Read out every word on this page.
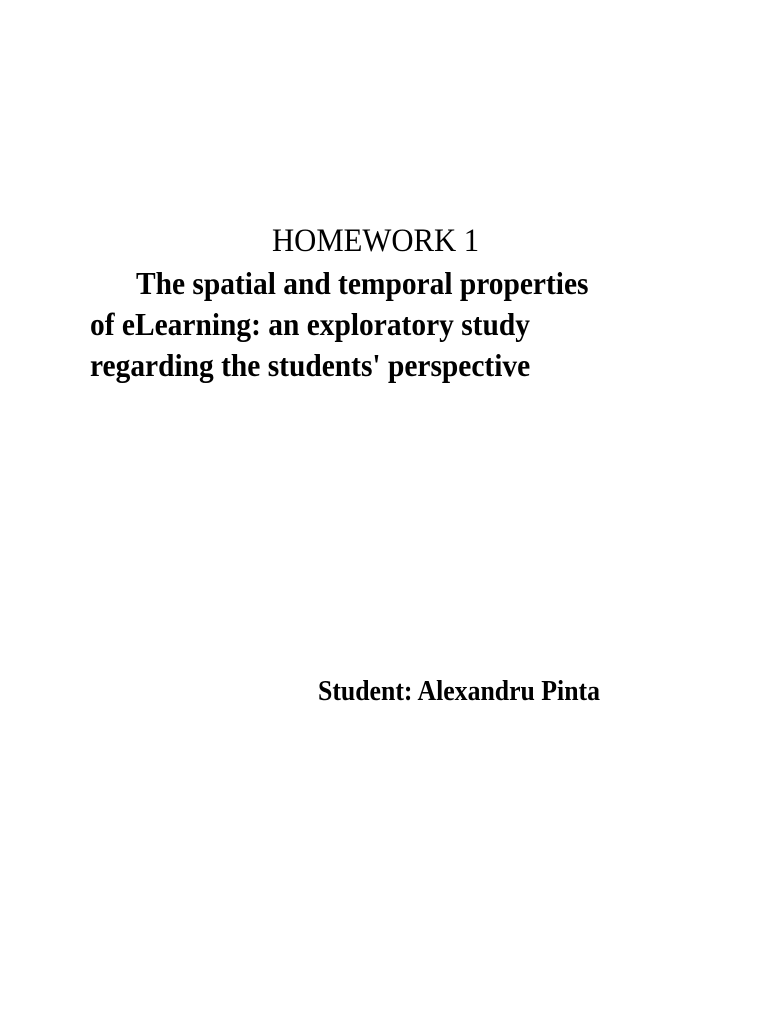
HOMEWORK 1
The spatial and temporal properties
of eLearning: an exploratory study
regarding the students' perspective
Student: Alexandru Pinta
